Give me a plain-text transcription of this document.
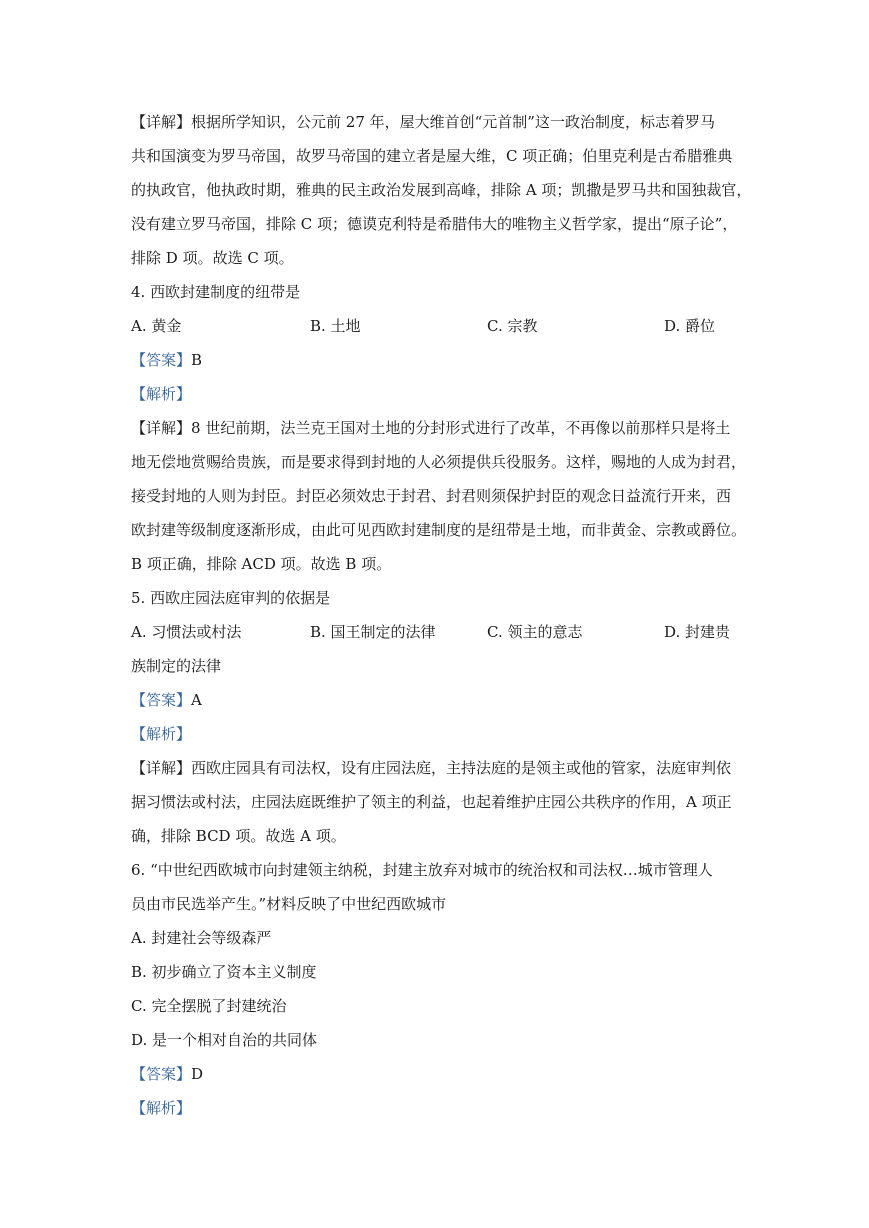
【详解】根据所学知识，公元前 27 年，屋大维首创“元首制”这一政治制度，标志着罗马
共和国演变为罗马帝国，故罗马帝国的建立者是屋大维，C 项正确；伯里克利是古希腊雅典
的执政官，他执政时期，雅典的民主政治发展到高峰，排除 A 项；凯撒是罗马共和国独裁官，
没有建立罗马帝国，排除 C 项；德谟克利特是希腊伟大的唯物主义哲学家，提出“原子论”，
排除 D 项。故选 C 项。
4. 西欧封建制度的纽带是
A. 黄金	B. 土地	C. 宗教	D. 爵位
【答案】B
【解析】
【详解】8 世纪前期，法兰克王国对土地的分封形式进行了改革，不再像以前那样只是将土
地无偿地赏赐给贵族，而是要求得到封地的人必须提供兵役服务。这样，赐地的人成为封君，
接受封地的人则为封臣。封臣必须效忠于封君、封君则须保护封臣的观念日益流行开来，西
欧封建等级制度逐渐形成，由此可见西欧封建制度的是纽带是土地，而非黄金、宗教或爵位。
B 项正确，排除 ACD 项。故选 B 项。
5. 西欧庄园法庭审判的依据是
A. 习惯法或村法	B. 国王制定的法律	C. 领主的意志	D. 封建贵
族制定的法律
【答案】A
【解析】
【详解】西欧庄园具有司法权，设有庄园法庭，主持法庭的是领主或他的管家，法庭审判依
据习惯法或村法，庄园法庭既维护了领主的利益，也起着维护庄园公共秩序的作用，A 项正
确，排除 BCD 项。故选 A 项。
6. “中世纪西欧城市向封建领主纳税，封建主放弃对城市的统治权和司法权…城市管理人
员由市民选举产生。”材料反映了中世纪西欧城市
A. 封建社会等级森严
B. 初步确立了资本主义制度
C. 完全摆脱了封建统治
D. 是一个相对自治的共同体
【答案】D
【解析】
